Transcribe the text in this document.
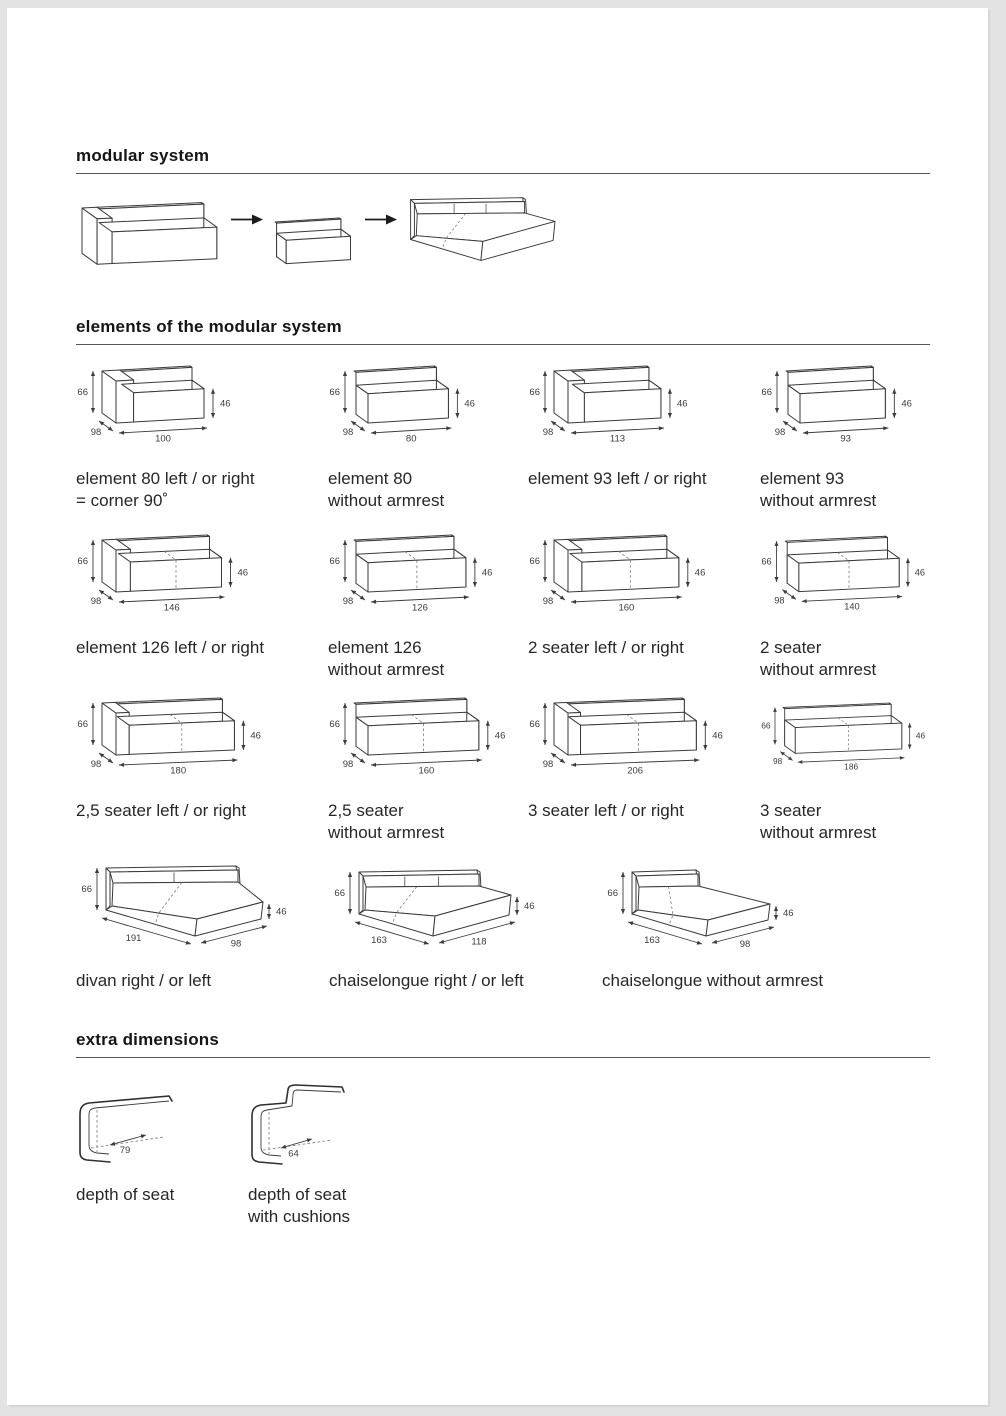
modular system
elements of the modular system
66
98
100
46
element 80 left / or right
= corner 90˚
66
98
80
46
element 80
without armrest
66
98
113
46
element 93 left / or right
66
98
93
46
element 93
without armrest
66
98
146
46
element 126 left / or right
66
98
126
46
element 126
without armrest
66
98
160
46
2 seater left / or right
66
98
140
46
2 seater
without armrest
66
98
180
46
2,5 seater left / or right
66
98
160
46
2,5 seater
without armrest
66
98
206
46
3 seater left / or right
66
98
186
46
3 seater
without armrest
66
191	98
46
divan right / or left
66
163	118
46
chaiselongue right / or left
66
163	98
46
chaiselongue without armrest
extra dimensions
79
depth of seat
64
depth of seat
with cushions
